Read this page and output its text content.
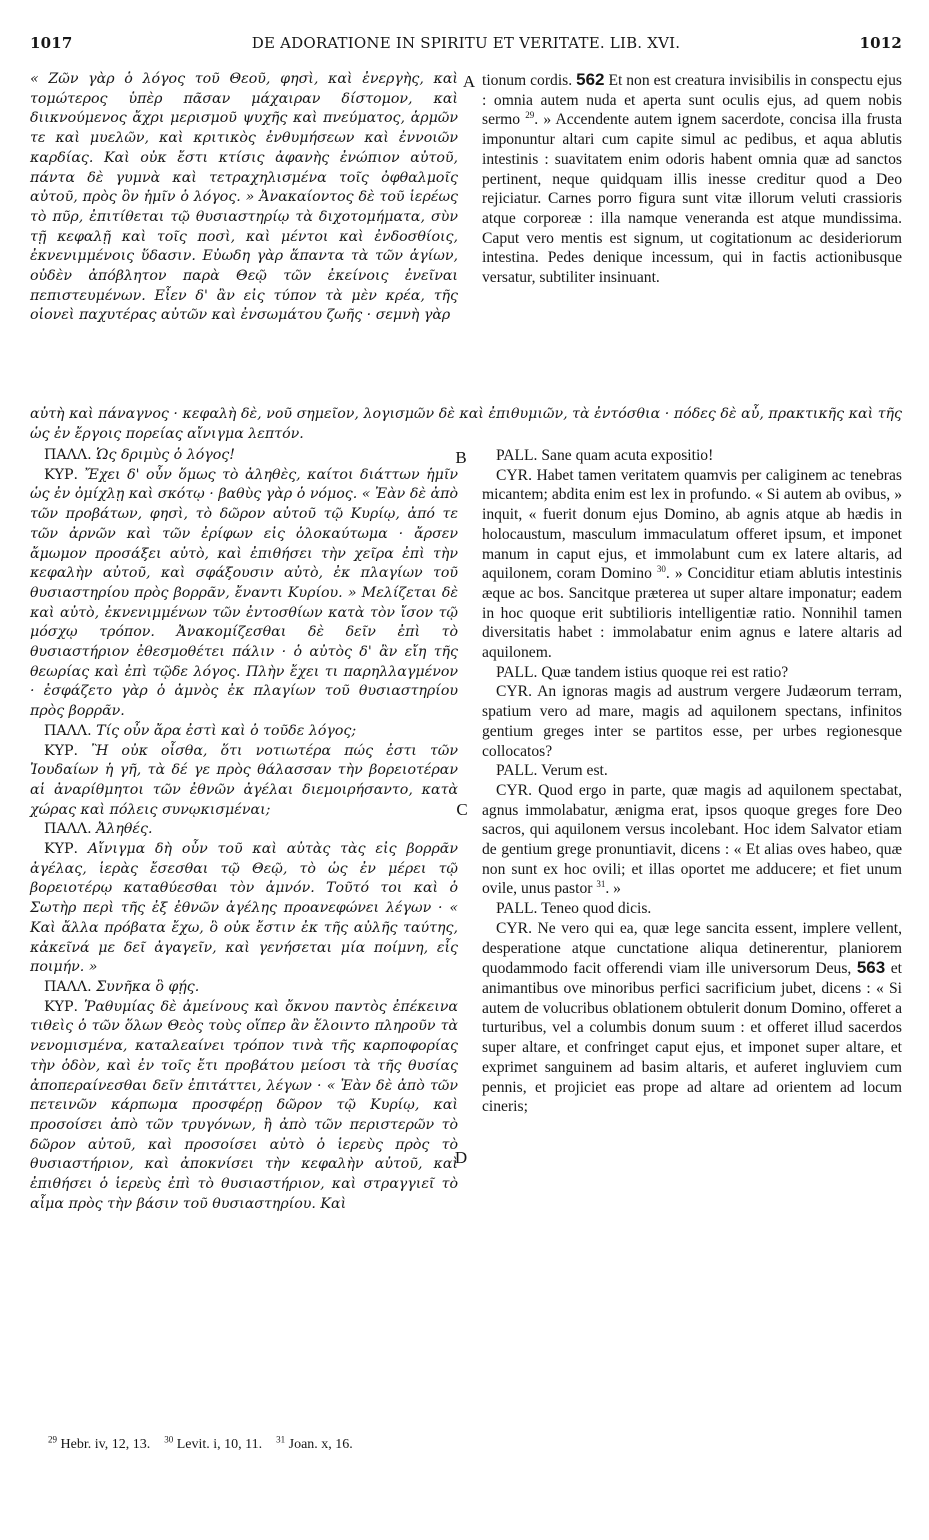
1017	DE ADORATIONE IN SPIRITU ET VERITATE. LIB. XVI.	1012
A
B
C
D

« Ζῶν γὰρ ὁ λόγος τοῦ Θεοῦ, φησὶ, καὶ ἐνεργὴς, καὶ τομώτερος ὑπὲρ πᾶσαν μάχαιραν δίστομον, καὶ διικνούμενος ἄχρι μερισμοῦ ψυχῆς καὶ πνεύματος, ἁρμῶν τε καὶ μυελῶν, καὶ κριτικὸς ἐνθυμήσεων καὶ ἐννοιῶν καρδίας. Καὶ οὐκ ἔστι κτίσις ἀφανὴς ἐνώπιον αὐτοῦ, πάντα δὲ γυμνὰ καὶ τετραχηλισμένα τοῖς ὀφθαλμοῖς αὐτοῦ, πρὸς ὃν ἡμῖν ὁ λόγος. » Ἀνακαίοντος δὲ τοῦ ἱερέως τὸ πῦρ, ἐπιτίθεται τῷ θυσιαστηρίῳ τὰ διχοτομήματα, σὺν τῇ κεφαλῇ καὶ τοῖς ποσὶ, καὶ μέντοι καὶ ἐνδοσθίοις, ἐκνενιμμένοις ὕδασιν. Εὐωδη γὰρ ἅπαντα τὰ τῶν ἁγίων, οὐδὲν ἀπόβλητον παρὰ Θεῷ τῶν ἐκείνοις ἐνεῖναι πεπιστευμένων. Εἶεν δ' ἂν εἰς τύπον τὰ μὲν κρέα, τῆς οἱονεὶ παχυτέρας αὐτῶν καὶ ἐνσωμάτου ζωῆς · σεμνὴ γὰρ

tionum cordis. 562 Et non est creatura invisibilis in conspectu ejus : omnia autem nuda et aperta sunt oculis ejus, ad quem nobis sermo $^{29}$. » Accendente autem ignem sacerdote, concisa illa frusta imponuntur altari cum capite simul ac pedibus, et aqua ablutis intestinis : suavitatem enim odoris habent omnia quæ ad sanctos pertinent, neque quidquam illis inesse creditur quod a Deo rejiciatur. Carnes porro figura sunt vitæ illorum veluti crassioris atque corporeæ : illa namque veneranda est atque mundissima. Caput vero mentis est signum, ut cogitationum ac desideriorum intestina. Pedes denique incessum, qui in factis actionibusque versatur, subtiliter insinuant.

αὐτὴ καὶ πάναγνος · κεφαλὴ δὲ, νοῦ σημεῖον, λογισμῶν δὲ καὶ ἐπιθυμιῶν, τὰ ἐντόσθια · πόδες δὲ αὖ, πρακτικῆς καὶ τῆς ὡς ἐν ἔργοις πορείας αἴνιγμα λεπτόν.

ΠΑΛΛ. Ὡς δριμὺς ὁ λόγος!

ΚΥΡ. Ἔχει δ' οὖν ὅμως τὸ ἀληθὲς, καίτοι διάττων ἡμῖν ὡς ἐν ὀμίχλῃ καὶ σκότῳ · βαθὺς γὰρ ὁ νόμος. « Ἐὰν δὲ ἀπὸ τῶν προβάτων, φησὶ, τὸ δῶρον αὐτοῦ τῷ Κυρίῳ, ἀπό τε τῶν ἀρνῶν καὶ τῶν ἐρίφων εἰς ὁλοκαύτωμα · ἄρσεν ἄμωμον προσάξει αὐτὸ, καὶ ἐπιθήσει τὴν χεῖρα ἐπὶ τὴν κεφαλὴν αὐτοῦ, καὶ σφάξουσιν αὐτὸ, ἐκ πλαγίων τοῦ θυσιαστηρίου πρὸς βορρᾶν, ἔναντι Κυρίου. » Μελίζεται δὲ καὶ αὐτὸ, ἐκνενιμμένων τῶν ἐντοσθίων κατὰ τὸν ἴσον τῷ μόσχῳ τρόπον. Ἀνακομίζεσθαι δὲ δεῖν ἐπὶ τὸ θυσιαστήριον ἐθεσμοθέτει πάλιν · ὁ αὐτὸς δ' ἂν εἴη τῆς θεωρίας καὶ ἐπὶ τῷδε λόγος. Πλὴν ἔχει τι παρηλλαγμένον · ἐσφάζετο γὰρ ὁ ἀμνὸς ἐκ πλαγίων τοῦ θυσιαστηρίου πρὸς βορρᾶν.

ΠΑΛΛ. Τίς οὖν ἄρα ἐστὶ καὶ ὁ τοῦδε λόγος;

ΚΥΡ. Ἢ οὐκ οἶσθα, ὅτι νοτιωτέρα πώς ἐστι τῶν Ἰουδαίων ἡ γῆ, τὰ δέ γε πρὸς θάλασσαν τὴν βορειοτέραν αἱ ἀναρίθμητοι τῶν ἐθνῶν ἀγέλαι διεμοιρήσαντο, κατὰ χώρας καὶ πόλεις συνῳκισμέναι;

ΠΑΛΛ. Ἀληθές.

ΚΥΡ. Αἴνιγμα δὴ οὖν τοῦ καὶ αὐτὰς τὰς εἰς βορρᾶν ἀγέλας, ἱερὰς ἔσεσθαι τῷ Θεῷ, τὸ ὡς ἐν μέρει τῷ βορειοτέρῳ καταθύεσθαι τὸν ἀμνόν. Τοῦτό τοι καὶ ὁ Σωτὴρ περὶ τῆς ἐξ ἐθνῶν ἀγέλης προανεφώνει λέγων · « Καὶ ἄλλα πρόβατα ἔχω, ὃ οὐκ ἔστιν ἐκ τῆς αὐλῆς ταύτης, κἀκεῖνά με δεῖ ἀγαγεῖν, καὶ γενήσεται μία ποίμνη, εἷς ποιμήν. »

ΠΑΛΛ. Συνῆκα ὃ φῄς.

ΚΥΡ. Ῥαθυμίας δὲ ἀμείνους καὶ ὄκνου παντὸς ἐπέκεινα τιθεὶς ὁ τῶν ὅλων Θεὸς τοὺς οἵπερ ἂν ἕλοιντο πληροῦν τὰ νενομισμένα, καταλεαίνει τρόπον τινὰ τῆς καρποφορίας τὴν ὁδὸν, καὶ ἐν τοῖς ἔτι προβάτου μείοσι τὰ τῆς θυσίας ἀποπεραίνεσθαι δεῖν ἐπιτάττει, λέγων · « Ἐὰν δὲ ἀπὸ τῶν πετεινῶν κάρπωμα προσφέρῃ δῶρον τῷ Κυρίῳ, καὶ προσοίσει ἀπὸ τῶν τρυγόνων, ἢ ἀπὸ τῶν περιστερῶν τὸ δῶρον αὐτοῦ, καὶ προσοίσει αὐτὸ ὁ ἱερεὺς πρὸς τὸ θυσιαστήριον, καὶ ἀποκνίσει τὴν κεφαλὴν αὐτοῦ, καὶ ἐπιθήσει ὁ ἱερεὺς ἐπὶ τὸ θυσιαστήριον, καὶ στραγγιεῖ τὸ αἷμα πρὸς τὴν βάσιν τοῦ θυσιαστηρίου. Καὶ

PALL. Sane quam acuta expositio!

CYR. Habet tamen veritatem quamvis per caliginem ac tenebras micantem; abdita enim est lex in profundo. « Si autem ab ovibus, » inquit, « fuerit donum ejus Domino, ab agnis atque ab hædis in holocaustum, masculum immaculatum offeret ipsum, et imponet manum in caput ejus, et immolabunt cum ex latere altaris, ad aquilonem, coram Domino $^{30}$. » Conciditur etiam ablutis intestinis æque ac bos. Sancitque præterea ut super altare imponatur; eadem in hoc quoque erit subtilioris intelligentiæ ratio. Nonnihil tamen diversitatis habet : immolabatur enim agnus e latere altaris ad aquilonem.

PALL. Quæ tandem istius quoque rei est ratio?

CYR. An ignoras magis ad austrum vergere Judæorum terram, spatium vero ad mare, magis ad aquilonem spectans, infinitos gentium greges inter se partitos esse, per urbes regionesque collocatos?

PALL. Verum est.

CYR. Quod ergo in parte, quæ magis ad aquilonem spectabat, agnus immolabatur, ænigma erat, ipsos quoque greges fore Deo sacros, qui aquilonem versus incolebant. Hoc idem Salvator etiam de gentium grege pronuntiavit, dicens : « Et alias oves habeo, quæ non sunt ex hoc ovili; et illas oportet me adducere; et fiet unum ovile, unus pastor $^{31}$. »

PALL. Teneo quod dicis.

CYR. Ne vero qui ea, quæ lege sancita essent, implere vellent, desperatione atque cunctatione aliqua detinerentur, planiorem quodammodo facit offerendi viam ille universorum Deus, 563 et animantibus ove minoribus perfici sacrificium jubet, dicens : « Si autem de volucribus oblationem obtulerit donum Domino, offeret a turturibus, vel a columbis donum suum : et offeret illud sacerdos super altare, et confringet caput ejus, et imponet super altare, et exprimet sanguinem ad basim altaris, et auferet ingluviem cum pennis, et projiciet eas prope ad altare ad orientem ad locum cineris;

$^{29}$ Hebr. iv, 12, 13. $^{30}$ Levit. i, 10, 11. $^{31}$ Joan. x, 16.
